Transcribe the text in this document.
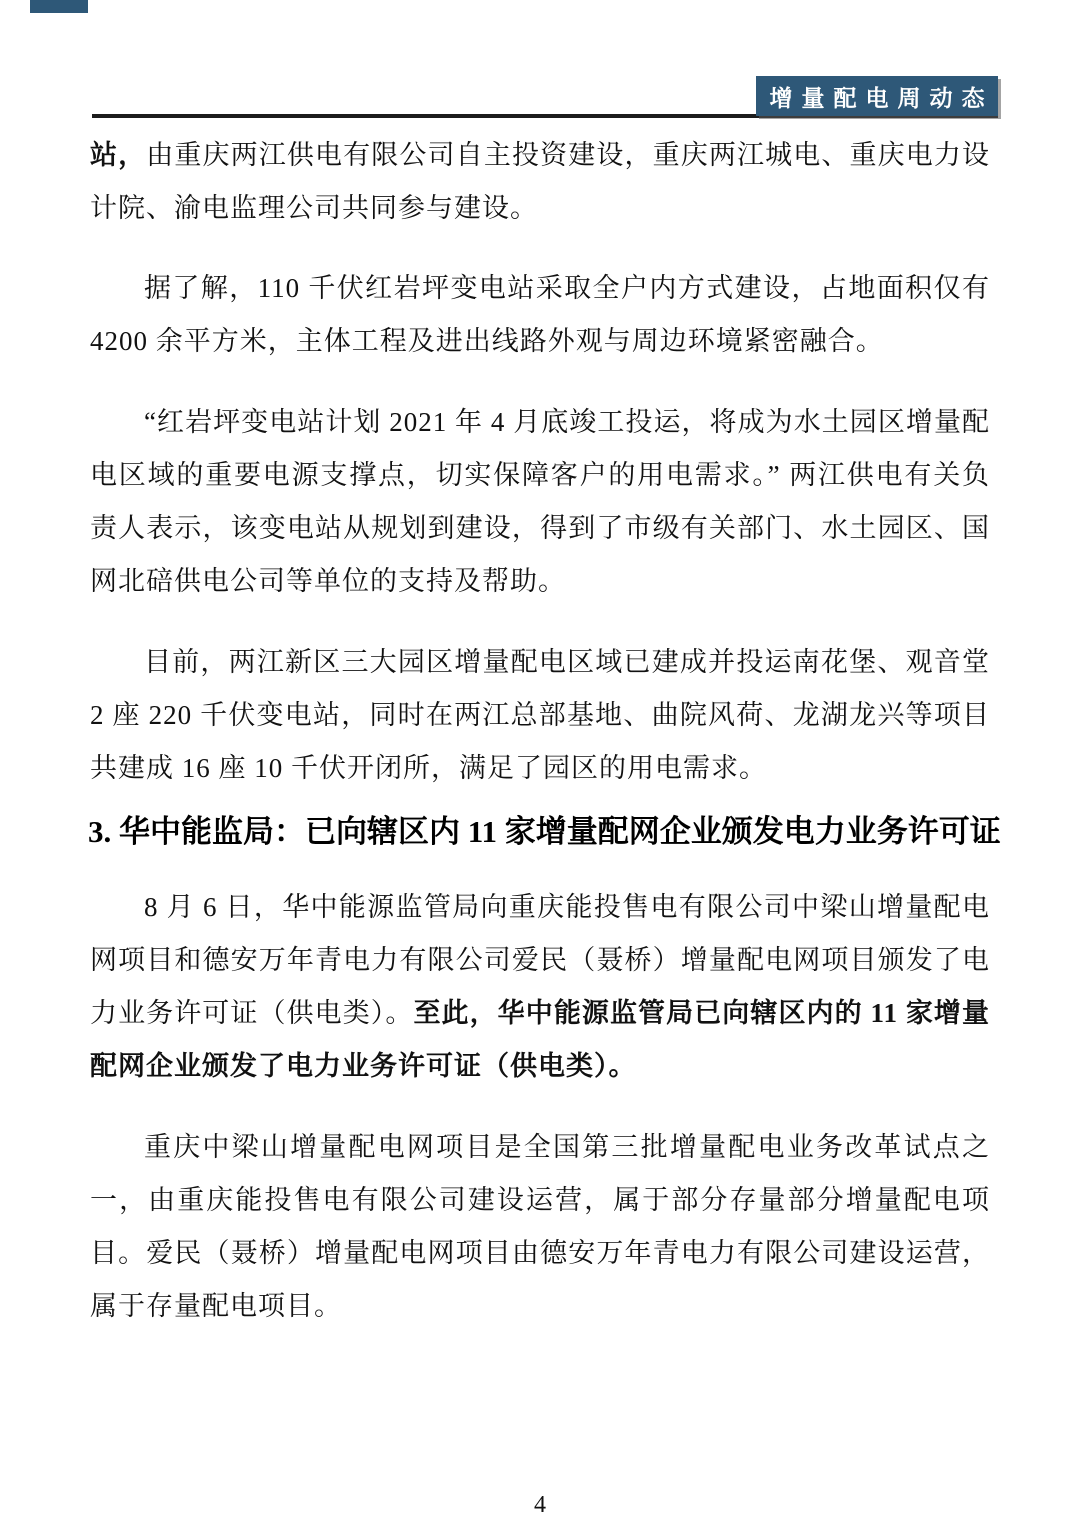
增量配电周动态
站，由重庆两江供电有限公司自主投资建设，重庆两江城电、重庆电力设计院、渝电监理公司共同参与建设。
据了解，110 千伏红岩坪变电站采取全户内方式建设，占地面积仅有 4200 余平方米，主体工程及进出线路外观与周边环境紧密融合。
“红岩坪变电站计划 2021 年 4 月底竣工投运，将成为水土园区增量配电区域的重要电源支撑点，切实保障客户的用电需求。” 两江供电有关负责人表示，该变电站从规划到建设，得到了市级有关部门、水土园区、国网北碚供电公司等单位的支持及帮助。
目前，两江新区三大园区增量配电区域已建成并投运南花堡、观音堂 2 座 220 千伏变电站，同时在两江总部基地、曲院风荷、龙湖龙兴等项目共建成 16 座 10 千伏开闭所，满足了园区的用电需求。
3. 华中能监局：已向辖区内 11 家增量配网企业颁发电力业务许可证
8 月 6 日，华中能源监管局向重庆能投售电有限公司中梁山增量配电网项目和德安万年青电力有限公司爱民（聂桥）增量配电网项目颁发了电力业务许可证（供电类）。至此，华中能源监管局已向辖区内的 11 家增量配网企业颁发了电力业务许可证（供电类）。
重庆中梁山增量配电网项目是全国第三批增量配电业务改革试点之一，由重庆能投售电有限公司建设运营，属于部分存量部分增量配电项目。爱民（聂桥）增量配电网项目由德安万年青电力有限公司建设运营，属于存量配电项目。
4
